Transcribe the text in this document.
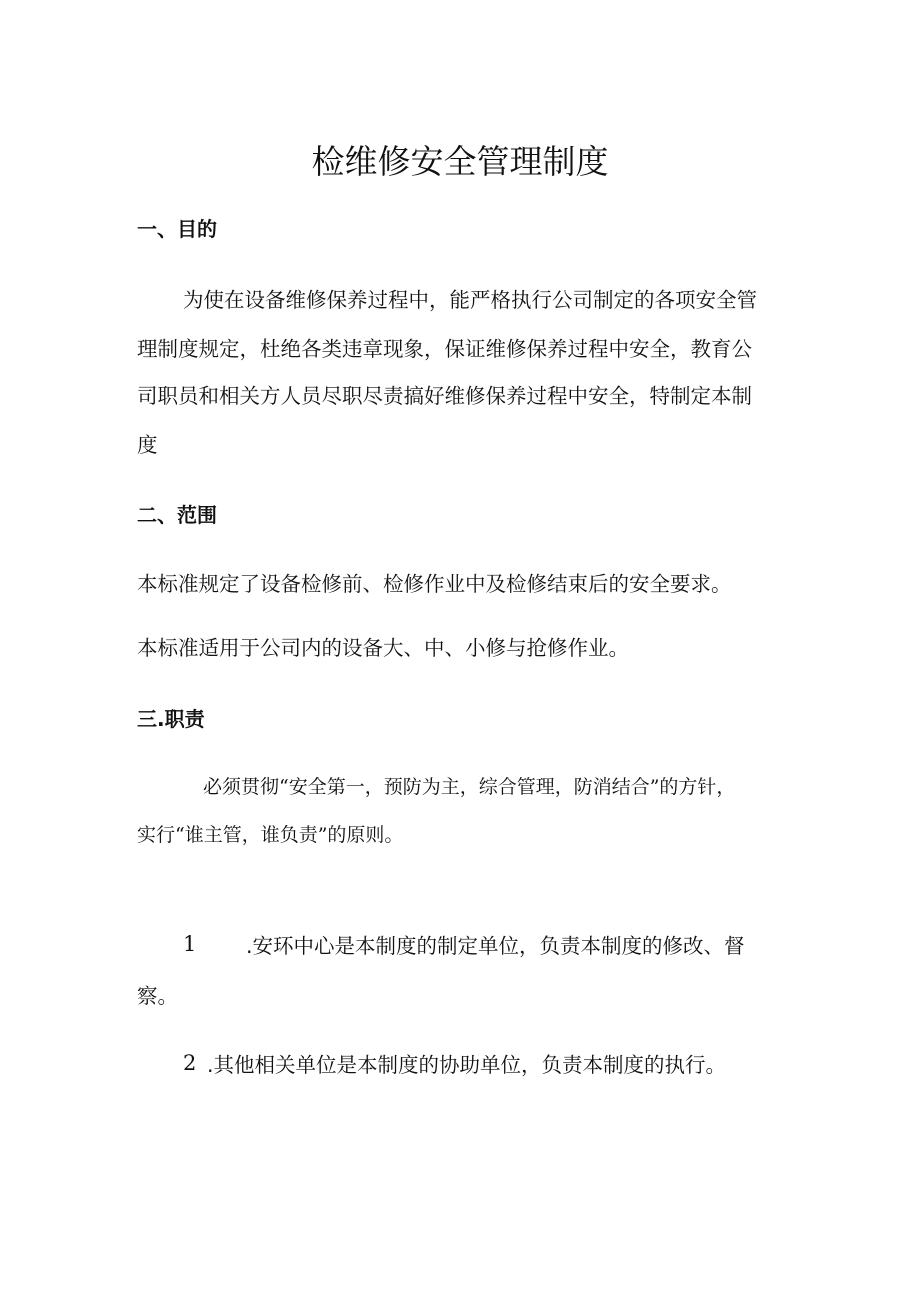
检维修安全管理制度
一、目的
为使在设备维修保养过程中，能严格执行公司制定的各项安全管
理制度规定，杜绝各类违章现象，保证维修保养过程中安全，教育公
司职员和相关方人员尽职尽责搞好维修保养过程中安全，特制定本制
度
二、范围
本标准规定了设备检修前、检修作业中及检修结束后的安全要求。
本标准适用于公司内的设备大、中、小修与抢修作业。
三.职责
必须贯彻“安全第一，预防为主，综合管理，防消结合”的方针，
实行“谁主管，谁负责”的原则。
1 .安环中心是本制度的制定单位，负责本制度的修改、督
察。
2 .其他相关单位是本制度的协助单位，负责本制度的执行。
